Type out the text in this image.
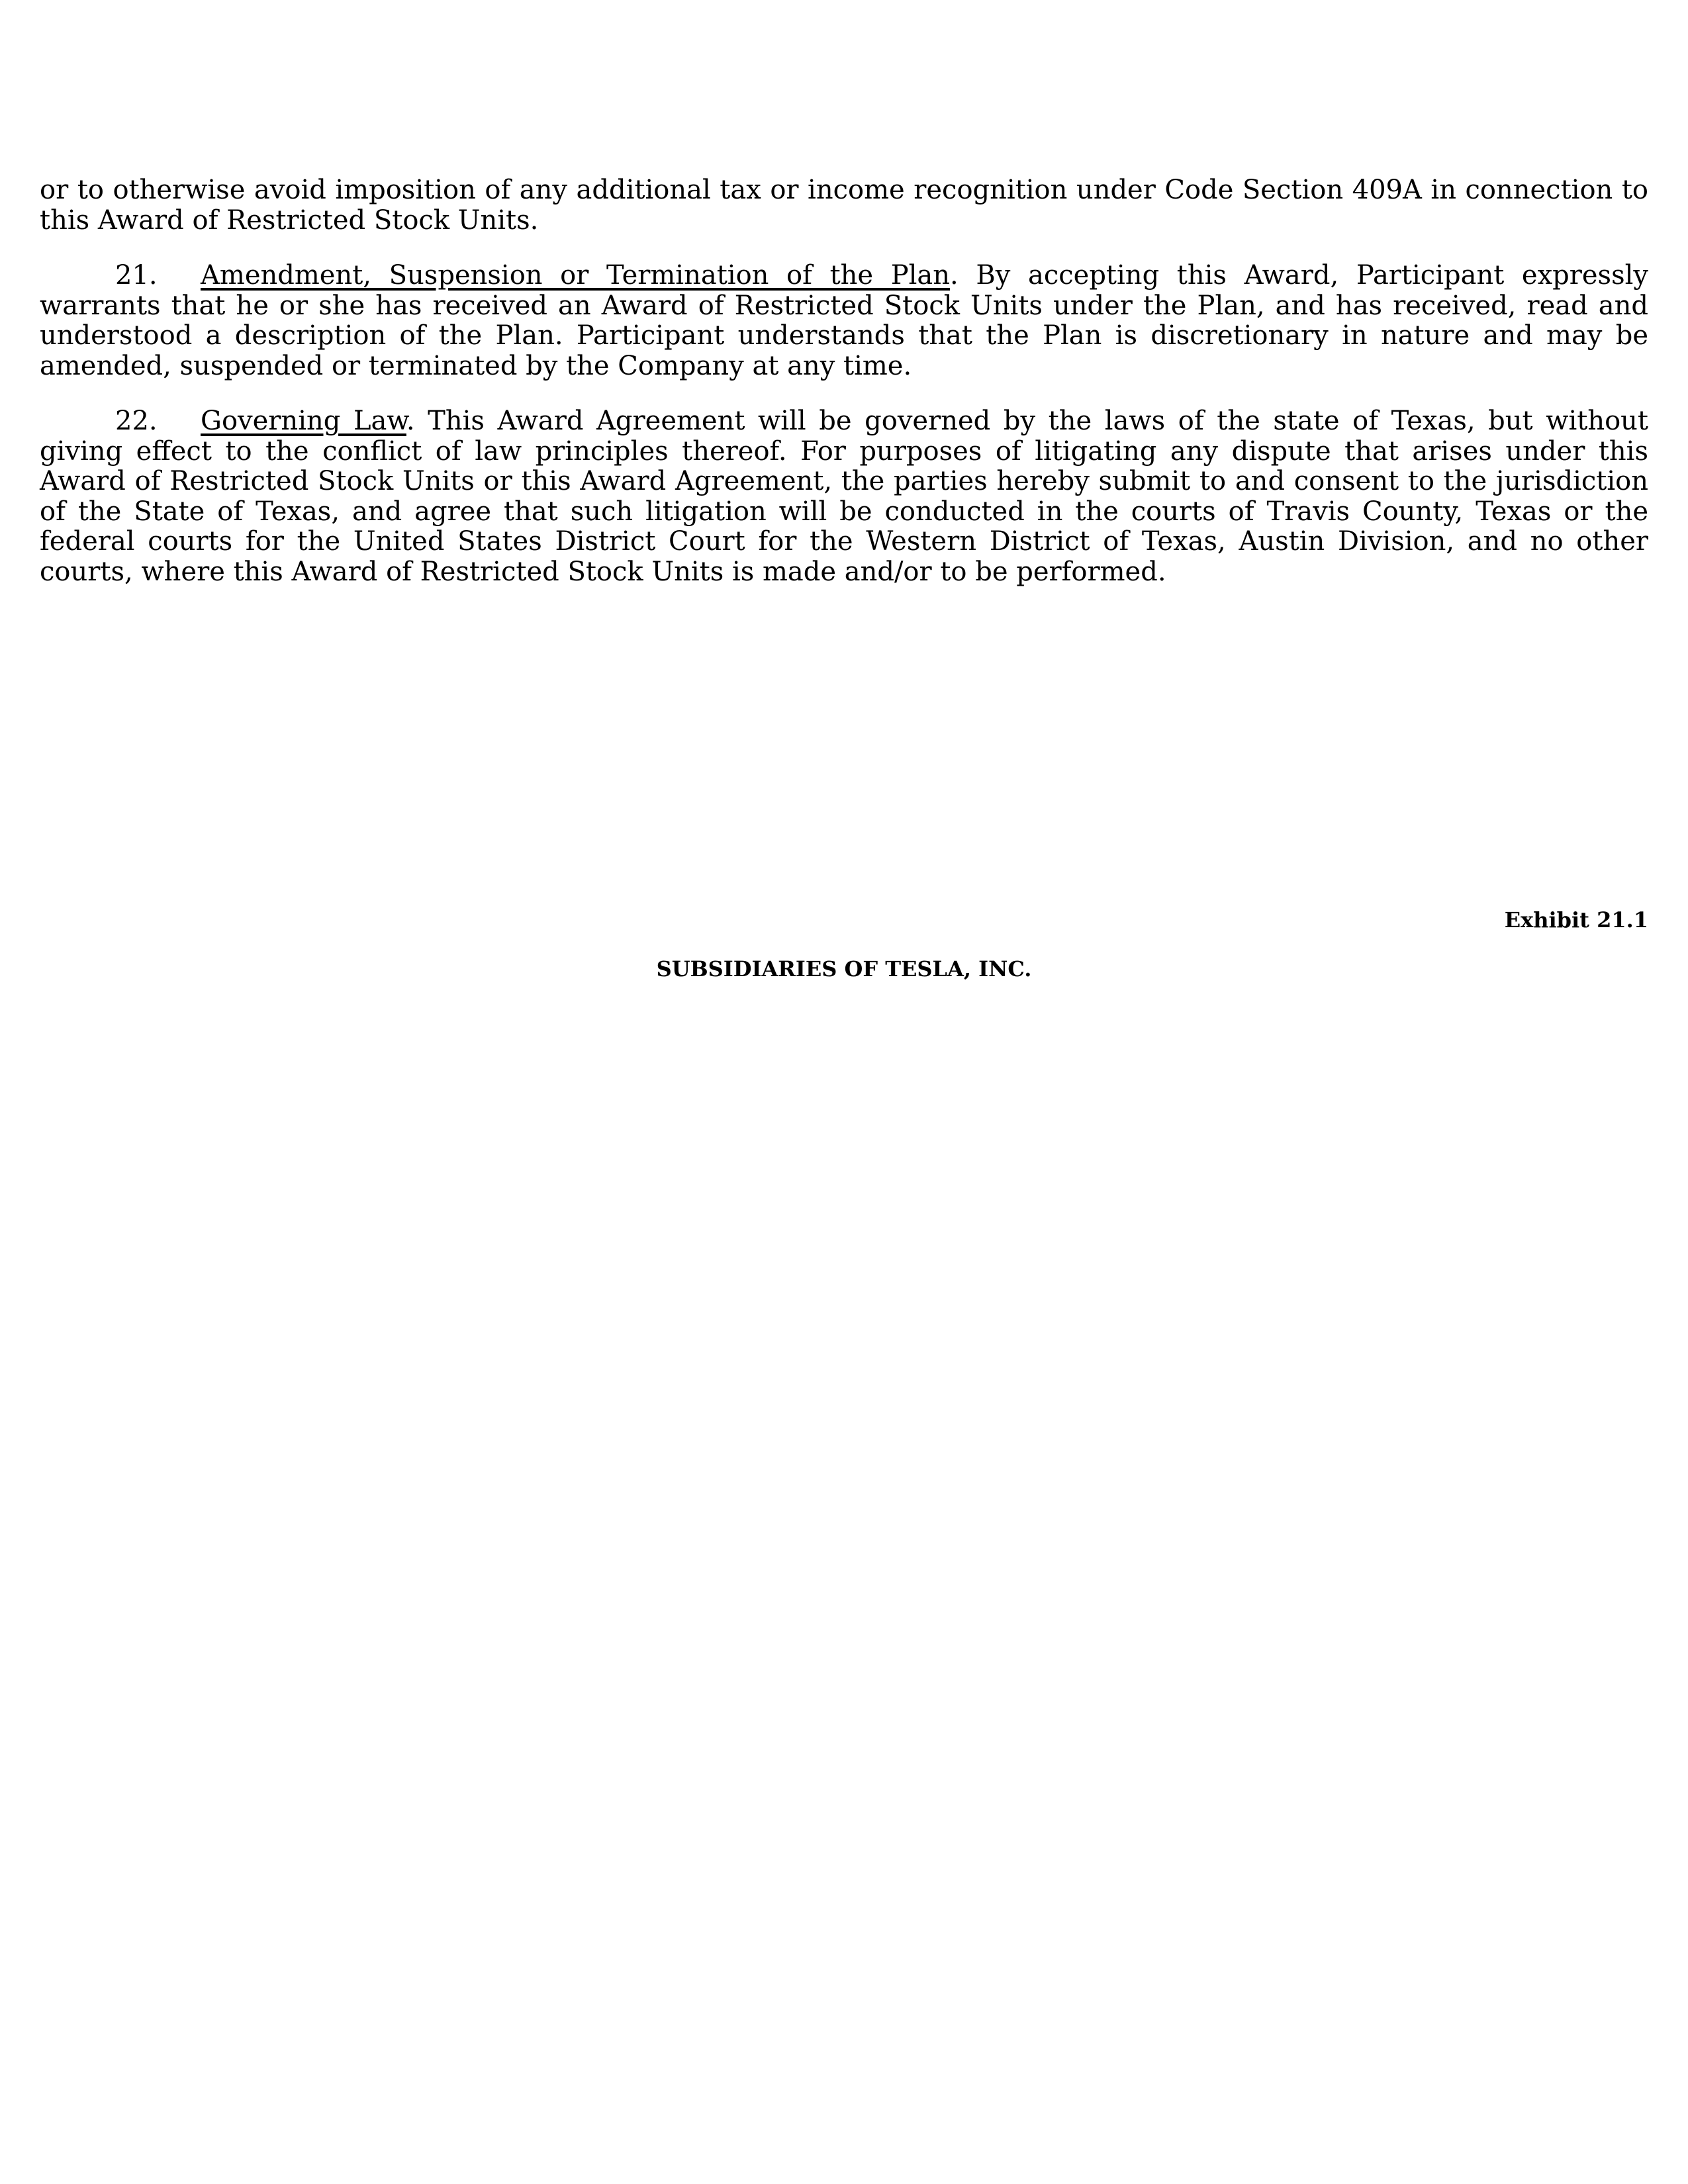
or to otherwise avoid imposition of any additional tax or income recognition under Code Section 409A in connection to this Award of Restricted Stock Units.

21. Amendment, Suspension or Termination of the Plan. By accepting this Award, Participant expressly warrants that he or she has received an Award of Restricted Stock Units under the Plan, and has received, read and understood a description of the Plan. Participant understands that the Plan is discretionary in nature and may be amended, suspended or terminated by the Company at any time.

22. Governing Law. This Award Agreement will be governed by the laws of the state of Texas, but without giving effect to the conflict of law principles thereof. For purposes of litigating any dispute that arises under this Award of Restricted Stock Units or this Award Agreement, the parties hereby submit to and consent to the jurisdiction of the State of Texas, and agree that such litigation will be conducted in the courts of Travis County, Texas or the federal courts for the United States District Court for the Western District of Texas, Austin Division, and no other courts, where this Award of Restricted Stock Units is made and/or to be performed.

Exhibit 21.1
SUBSIDIARIES OF TESLA, INC.
